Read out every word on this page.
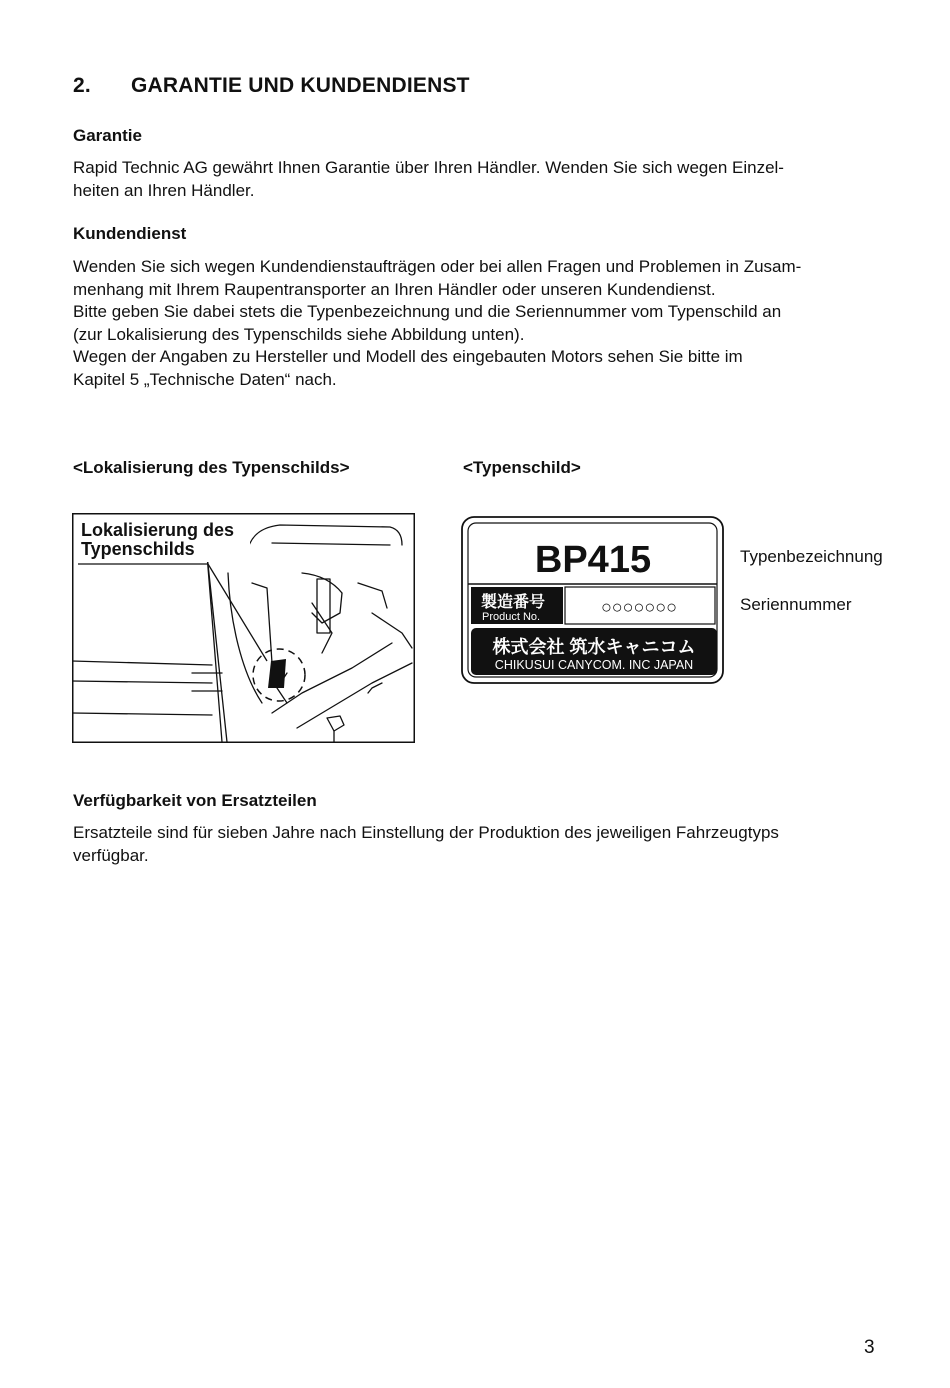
2. GARANTIE UND KUNDENDIENST
Garantie
Rapid Technic AG gewährt Ihnen Garantie über Ihren Händler. Wenden Sie sich wegen Einzel-
heiten an Ihren Händler.
Kundendienst
Wenden Sie sich wegen Kundendienstaufträgen oder bei allen Fragen und Problemen in Zusam-
menhang mit Ihrem Raupentransporter an Ihren Händler oder unseren Kundendienst.
Bitte geben Sie dabei stets die Typenbezeichnung und die Seriennummer vom Typenschild an
(zur Lokalisierung des Typenschilds siehe Abbildung unten).
Wegen der Angaben zu Hersteller und Modell des eingebauten Motors sehen Sie bitte im
Kapitel 5 „Technische Daten“ nach.
<Lokalisierung des Typenschilds>	<Typenschild>
Lokalisierung des
Typenschilds	BP415
製造番号
Product No.	○○○○○○○
株式会社 筑水キャニコム
CHIKUSUI CANYCOM. INC JAPAN
Typenbezeichnung
Seriennummer
Verfügbarkeit von Ersatzteilen
Ersatzteile sind für sieben Jahre nach Einstellung der Produktion des jeweiligen Fahrzeugtyps
verfügbar.
3
